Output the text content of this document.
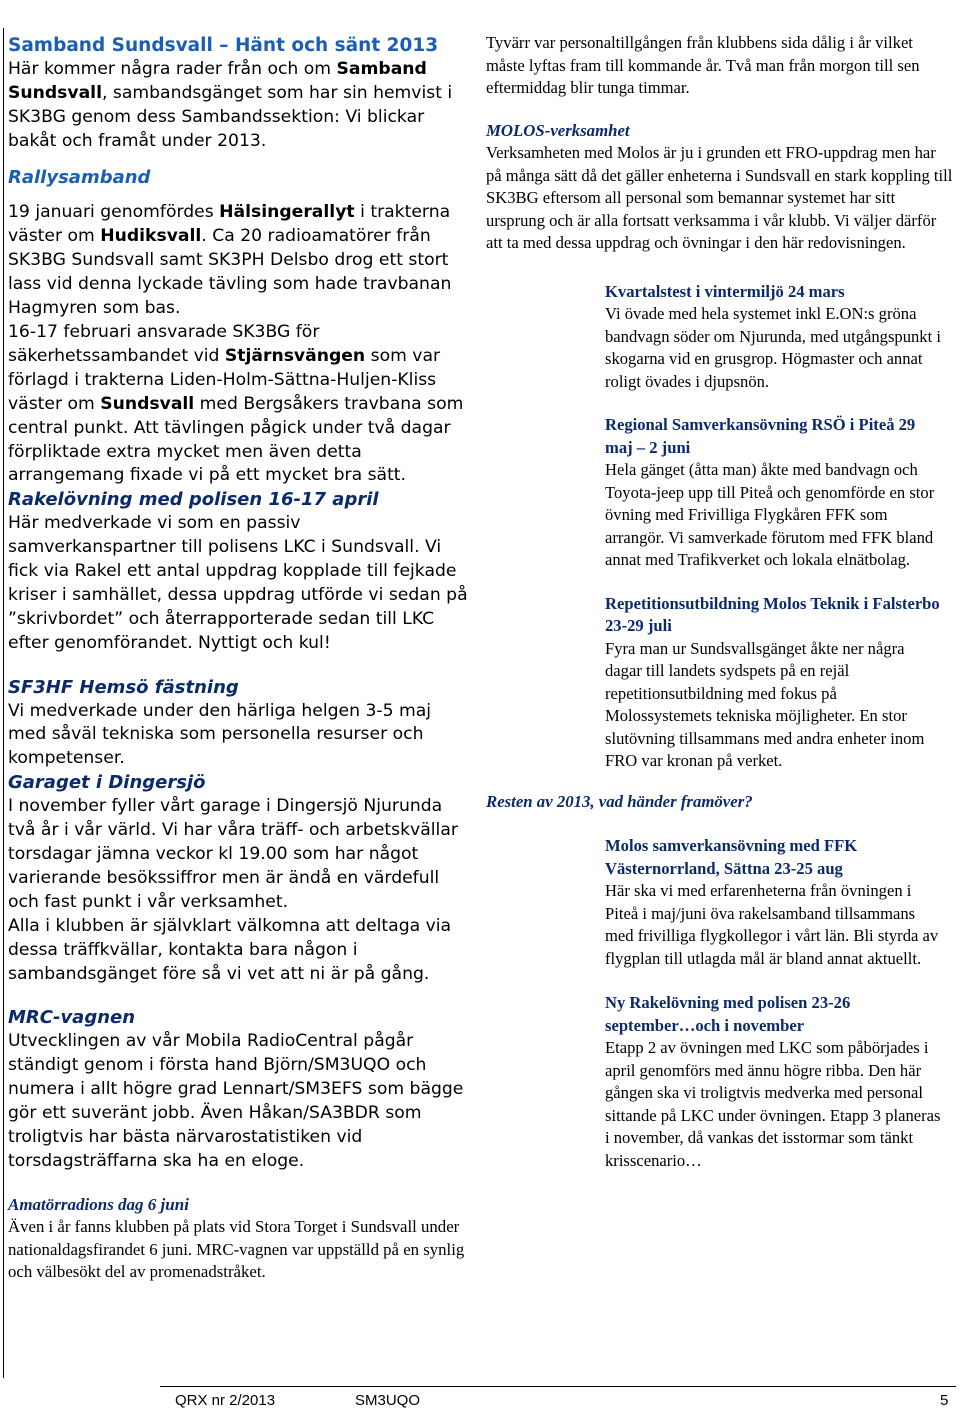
Samband Sundsvall – Hänt och sänt 2013

Här kommer några rader från och om Samband Sundsvall, sambandsgänget som har sin hemvist i SK3BG genom dess Sambandssektion: Vi blickar bakåt och framåt under 2013.

Rallysamband

19 januari genomfördes Hälsingerallyt i trakterna väster om Hudiksvall. Ca 20 radioamatörer från SK3BG Sundsvall samt SK3PH Delsbo drog ett stort lass vid denna lyckade tävling som hade travbanan Hagmyren som bas.

16-17 februari ansvarade SK3BG för säkerhetssambandet vid Stjärnsvängen som var förlagd i trakterna Liden-Holm-Sättna-Huljen-Kliss väster om Sundsvall med Bergsåkers travbana som central punkt. Att tävlingen pågick under två dagar förpliktade extra mycket men även detta arrangemang fixade vi på ett mycket bra sätt.

Rakelövning med polisen 16-17 april

Här medverkade vi som en passiv samverkanspartner till polisens LKC i Sundsvall. Vi fick via Rakel ett antal uppdrag kopplade till fejkade kriser i samhället, dessa uppdrag utförde vi sedan på ”skrivbordet” och återrapporterade sedan till LKC efter genomförandet. Nyttigt och kul!

SF3HF Hemsö fästning

Vi medverkade under den härliga helgen 3-5 maj med såväl tekniska som personella resurser och kompetenser.

Garaget i Dingersjö

I november fyller vårt garage i Dingersjö Njurunda två år i vår värld. Vi har våra träff- och arbetskvällar torsdagar jämna veckor kl 19.00 som har något varierande besökssiffror men är ändå en värdefull och fast punkt i vår verksamhet.

Alla i klubben är självklart välkomna att deltaga via dessa träffkvällar, kontakta bara någon i sambandsgänget före så vi vet att ni är på gång.

MRC-vagnen

Utvecklingen av vår Mobila RadioCentral pågår ständigt genom i första hand Björn/SM3UQO och numera i allt högre grad Lennart/SM3EFS som bägge gör ett suveränt jobb. Även Håkan/SA3BDR som troligtvis har bästa närvarostatistiken vid torsdagsträffarna ska ha en eloge.

Amatörradions dag 6 juni

Även i år fanns klubben på plats vid Stora Torget i Sundsvall under nationaldagsfirandet 6 juni. MRC-vagnen var uppställd på en synlig och välbesökt del av promenadstråket.

Tyvärr var personaltillgången från klubbens sida dålig i år vilket måste lyftas fram till kommande år. Två man från morgon till sen eftermiddag blir tunga timmar.

MOLOS-verksamhet

Verksamheten med Molos är ju i grunden ett FRO-uppdrag men har på många sätt då det gäller enheterna i Sundsvall en stark koppling till SK3BG eftersom all personal som bemannar systemet har sitt ursprung och är alla fortsatt verksamma i vår klubb. Vi väljer därför att ta med dessa uppdrag och övningar i den här redovisningen.

Kvartalstest i vintermiljö 24 mars

Vi övade med hela systemet inkl E.ON:s gröna bandvagn söder om Njurunda, med utgångspunkt i skogarna vid en grusgrop. Högmaster och annat roligt övades i djupsnön.

Regional Samverkansövning RSÖ i Piteå 29 maj – 2 juni

Hela gänget (åtta man) åkte med bandvagn och Toyota-jeep upp till Piteå och genomförde en stor övning med Frivilliga Flygkåren FFK som arrangör. Vi samverkade förutom med FFK bland annat med Trafikverket och lokala elnätbolag.

Repetitionsutbildning Molos Teknik i Falsterbo 23-29 juli

Fyra man ur Sundsvallsgänget åkte ner några dagar till landets sydspets på en rejäl repetitionsutbildning med fokus på Molossystemets tekniska möjligheter. En stor slutövning tillsammans med andra enheter inom FRO var kronan på verket.

Resten av 2013, vad händer framöver?

Molos samverkansövning med FFK Västernorrland, Sättna 23-25 aug

Här ska vi med erfarenheterna från övningen i Piteå i maj/juni öva rakelsamband tillsammans med frivilliga flygkollegor i vårt län. Bli styrda av flygplan till utlagda mål är bland annat aktuellt.

Ny Rakelövning med polisen 23-26 september…och i november

Etapp 2 av övningen med LKC som påbörjades i april genomförs med ännu högre ribba. Den här gången ska vi troligtvis medverka med personal sittande på LKC under övningen. Etapp 3 planeras i november, då vankas det isstormar som tänkt krisscenario…

QRX nr 2/2013	SM3UQO	5
